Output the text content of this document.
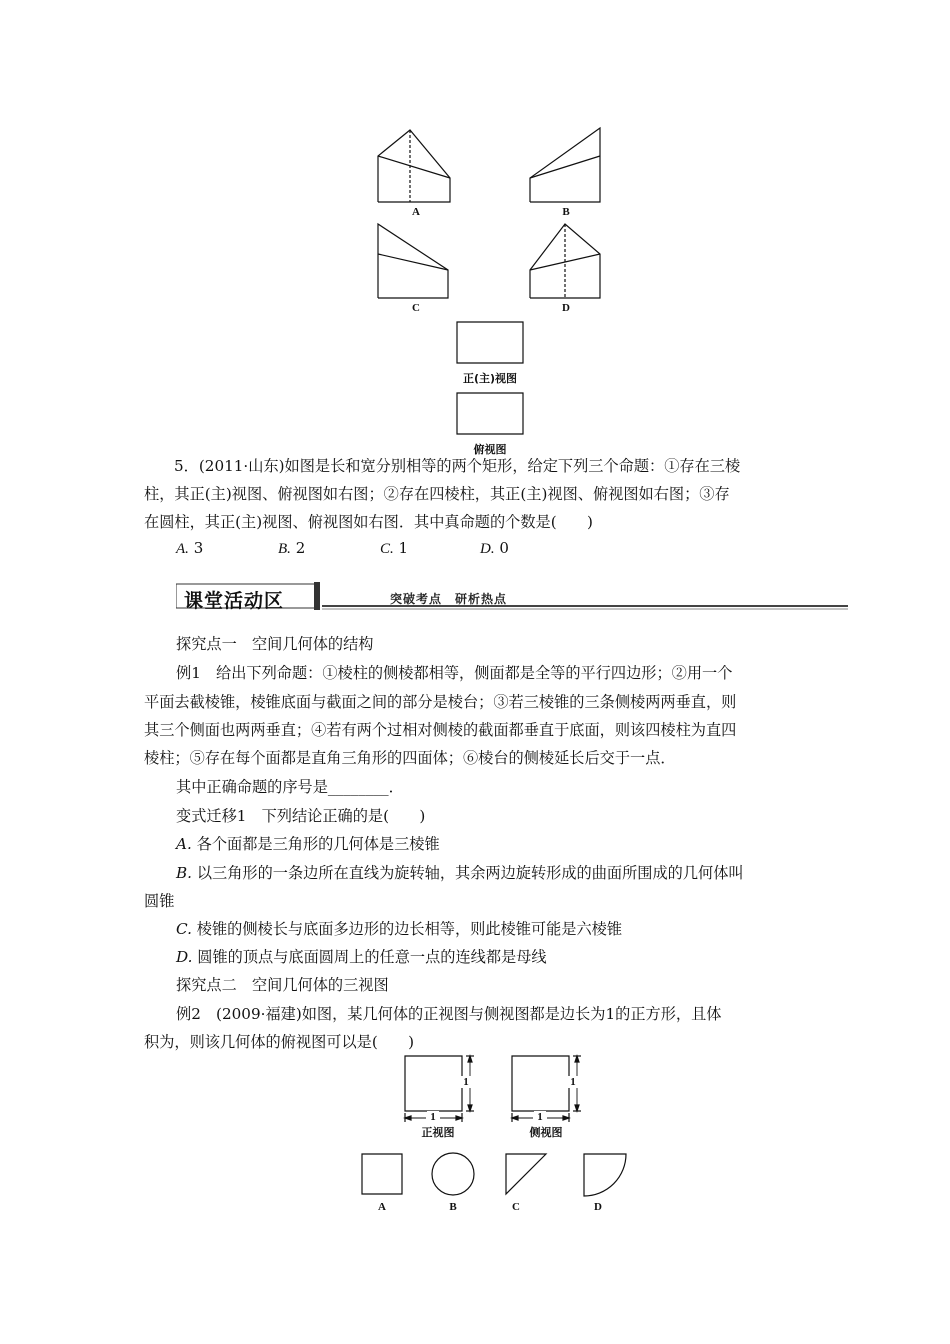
A	B
C	D
正(主)视图
俯视图
5．(2011·山东)如图是长和宽分别相等的两个矩形，给定下列三个命题：①存在三棱
柱，其正(主)视图、俯视图如右图；②存在四棱柱，其正(主)视图、俯视图如右图；③存
在圆柱，其正(主)视图、俯视图如右图．其中真命题的个数是(　　)
A. 3	B. 2	C. 1	D. 0
课堂活动区	突破考点　研析热点
探究点一　空间几何体的结构
例1　给出下列命题：①棱柱的侧棱都相等，侧面都是全等的平行四边形；②用一个
平面去截棱锥，棱锥底面与截面之间的部分是棱台；③若三棱锥的三条侧棱两两垂直，则
其三个侧面也两两垂直；④若有两个过相对侧棱的截面都垂直于底面，则该四棱柱为直四
棱柱；⑤存在每个面都是直角三角形的四面体；⑥棱台的侧棱延长后交于一点．
其中正确命题的序号是________．
变式迁移1　下列结论正确的是(　　)
A. 各个面都是三角形的几何体是三棱锥
B. 以三角形的一条边所在直线为旋转轴，其余两边旋转形成的曲面所围成的几何体叫
圆锥
C. 棱锥的侧棱长与底面多边形的边长相等，则此棱锥可能是六棱锥
D. 圆锥的顶点与底面圆周上的任意一点的连线都是母线
探究点二　空间几何体的三视图
例2　(2009·福建)如图，某几何体的正视图与侧视图都是边长为1的正方形，且体
积为，则该几何体的俯视图可以是(　　)
1
1
1
1
正视图	侧视图
A	B	C	D
